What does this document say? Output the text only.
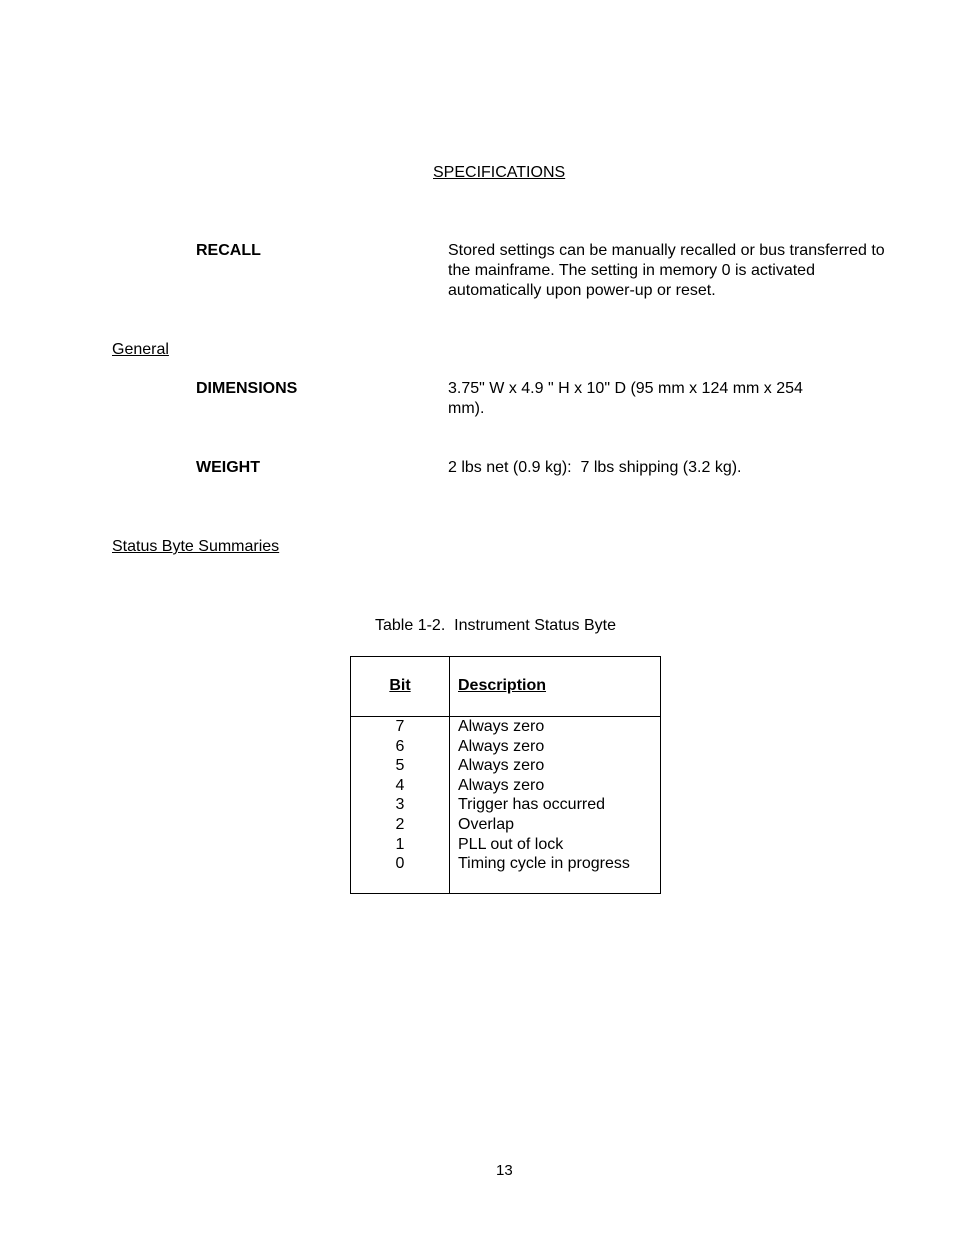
SPECIFICATIONS
RECALL	Stored settings can be manually recalled or bus transferred to the mainframe. The setting in memory 0 is activated automatically upon power-up or reset.
General
DIMENSIONS	3.75" W x 4.9 " H x 10" D (95 mm x 124 mm x 254 mm).
WEIGHT	2 lbs net (0.9 kg):  7 lbs shipping (3.2 kg).
Status Byte Summaries
Table 1-2.  Instrument Status Byte
Bit	Description
7	Always zero
6	Always zero
5	Always zero
4	Always zero
3	Trigger has occurred
2	Overlap
1	PLL out of lock
0	Timing cycle in progress
13
